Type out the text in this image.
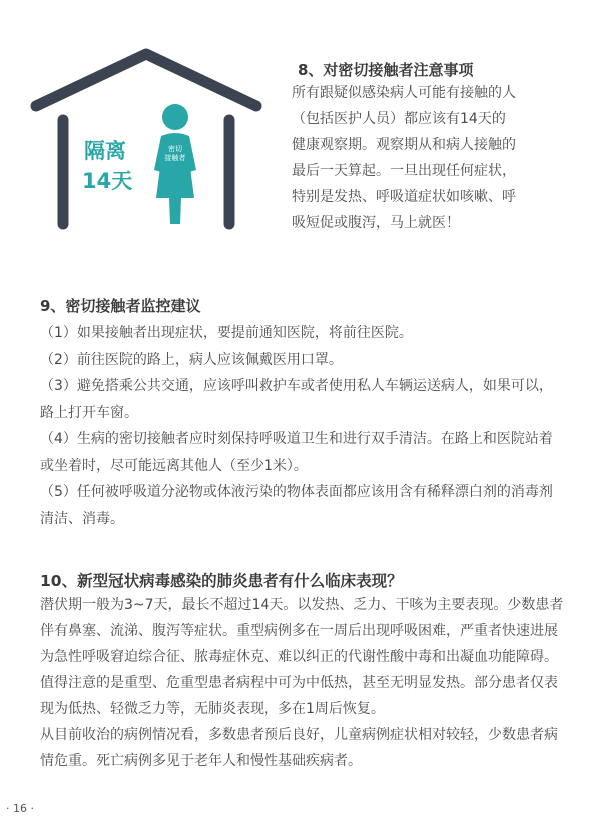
隔离
14天
密切
接触者
8、对密切接触者注意事项

所有跟疑似感染病人可能有接触的人

（包括医护人员）都应该有14天的

健康观察期。观察期从和病人接触的

最后一天算起。一旦出现任何症状，

特别是发热、呼吸道症状如咳嗽、呼

吸短促或腹泻，马上就医！

9、密切接触者监控建议

（1）如果接触者出现症状，要提前通知医院，将前往医院。

（2）前往医院的路上，病人应该佩戴医用口罩。

（3）避免搭乘公共交通，应该呼叫救护车或者使用私人车辆运送病人，如果可以，路上打开车窗。

（4）生病的密切接触者应时刻保持呼吸道卫生和进行双手清洁。在路上和医院站着或坐着时，尽可能远离其他人（至少1米）。

（5）任何被呼吸道分泌物或体液污染的物体表面都应该用含有稀释漂白剂的消毒剂清洁、消毒。

10、新型冠状病毒感染的肺炎患者有什么临床表现？

潜伏期一般为3~7天，最长不超过14天。以发热、乏力、干咳为主要表现。少数患者伴有鼻塞、流涕、腹泻等症状。重型病例多在一周后出现呼吸困难，严重者快速进展为急性呼吸窘迫综合征、脓毒症休克、难以纠正的代谢性酸中毒和出凝血功能障碍。值得注意的是重型、危重型患者病程中可为中低热，甚至无明显发热。部分患者仅表现为低热、轻微乏力等，无肺炎表现，多在1周后恢复。

从目前收治的病例情况看，多数患者预后良好，儿童病例症状相对较轻，少数患者病情危重。死亡病例多见于老年人和慢性基础疾病者。

· 16 ·
